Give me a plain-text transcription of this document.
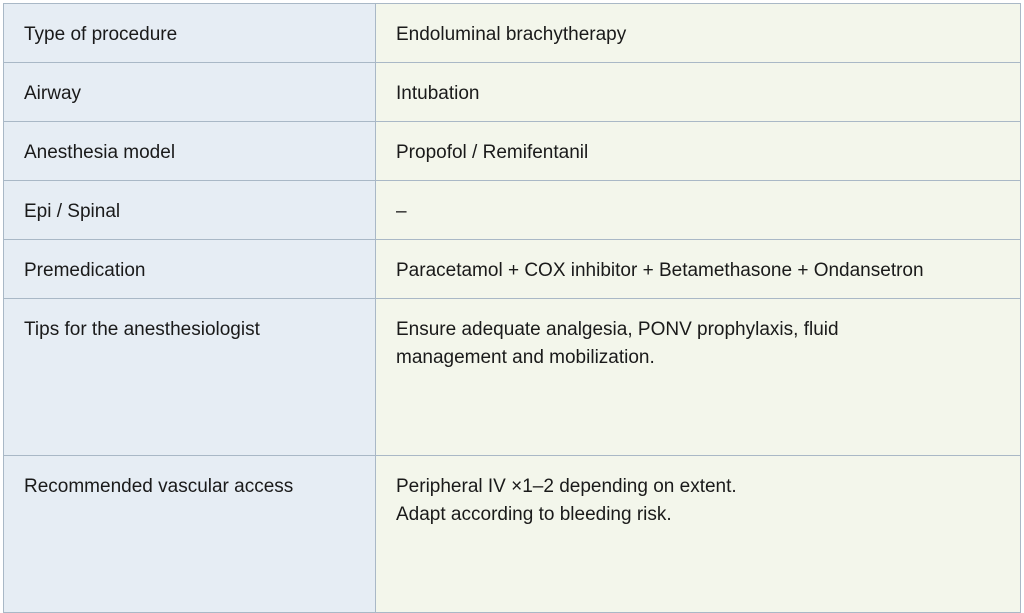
Type of procedure	Endoluminal brachytherapy

Airway	Intubation

Anesthesia model	Propofol / Remifentanil

Epi / Spinal	–

Premedication	Paracetamol + COX inhibitor + Betamethasone + Ondansetron

Tips for the anesthesiologist	Ensure adequate analgesia, PONV prophylaxis, fluid
management and mobilization.

Recommended vascular access	Peripheral IV ×1–2 depending on extent.
Adapt according to bleeding risk.
